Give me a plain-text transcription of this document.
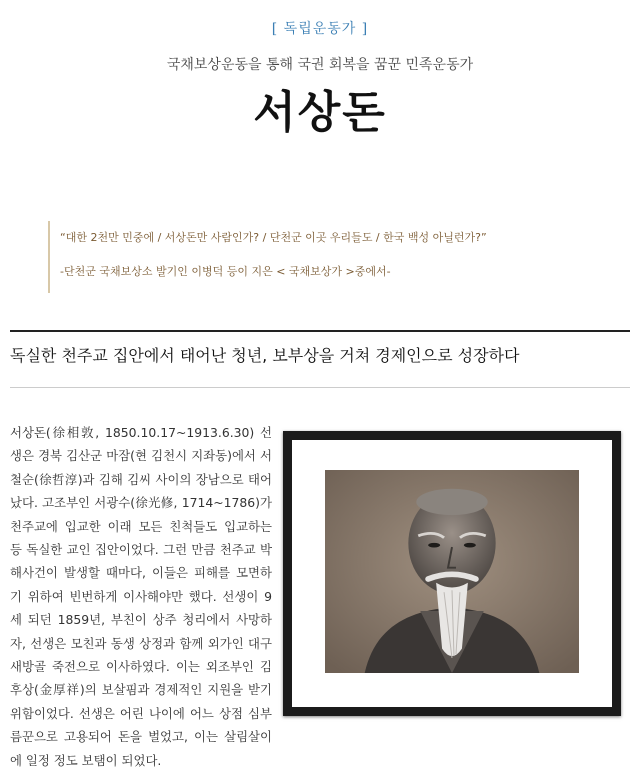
[ 독립운동가 ]
국채보상운동을 통해 국권 회복을 꿈꾼 민족운동가
서상돈
“대한 2천만 민중에 / 서상돈만 사람인가? / 단천군 이곳 우리들도 / 한국 백성 아닐런가?”
-단천군 국채보상소 발기인 이병덕 등이 지은 < 국채보상가 >중에서-
독실한 천주교 집안에서 태어난 청년, 보부상을 거쳐 경제인으로 성장하다
서상돈(徐相敦, 1850.10.17~1913.6.30) 선생은 경북 김산군 마잠(현 김천시 지좌동)에서 서철순(徐哲淳)과 김해 김씨 사이의 장남으로 태어났다. 고조부인 서광수(徐光修, 1714~1786)가 천주교에 입교한 이래 모든 친척들도 입교하는 등 독실한 교인 집안이었다. 그런 만큼 천주교 박해사건이 발생할 때마다, 이들은 피해를 모면하기 위하여 빈번하게 이사해야만 했다. 선생이 9세 되던 1859년, 부친이 상주 청리에서 사망하자, 선생은 모친과 동생 상정과 함께 외가인 대구 새방골 죽전으로 이사하였다. 이는 외조부인 김후상(金厚祥)의 보살핌과 경제적인 지원을 받기 위함이었다. 선생은 어린 나이에 어느 상점 심부름꾼으로 고용되어 돈을 벌었고, 이는 살림살이에 일정 정도 보탬이 되었다.
